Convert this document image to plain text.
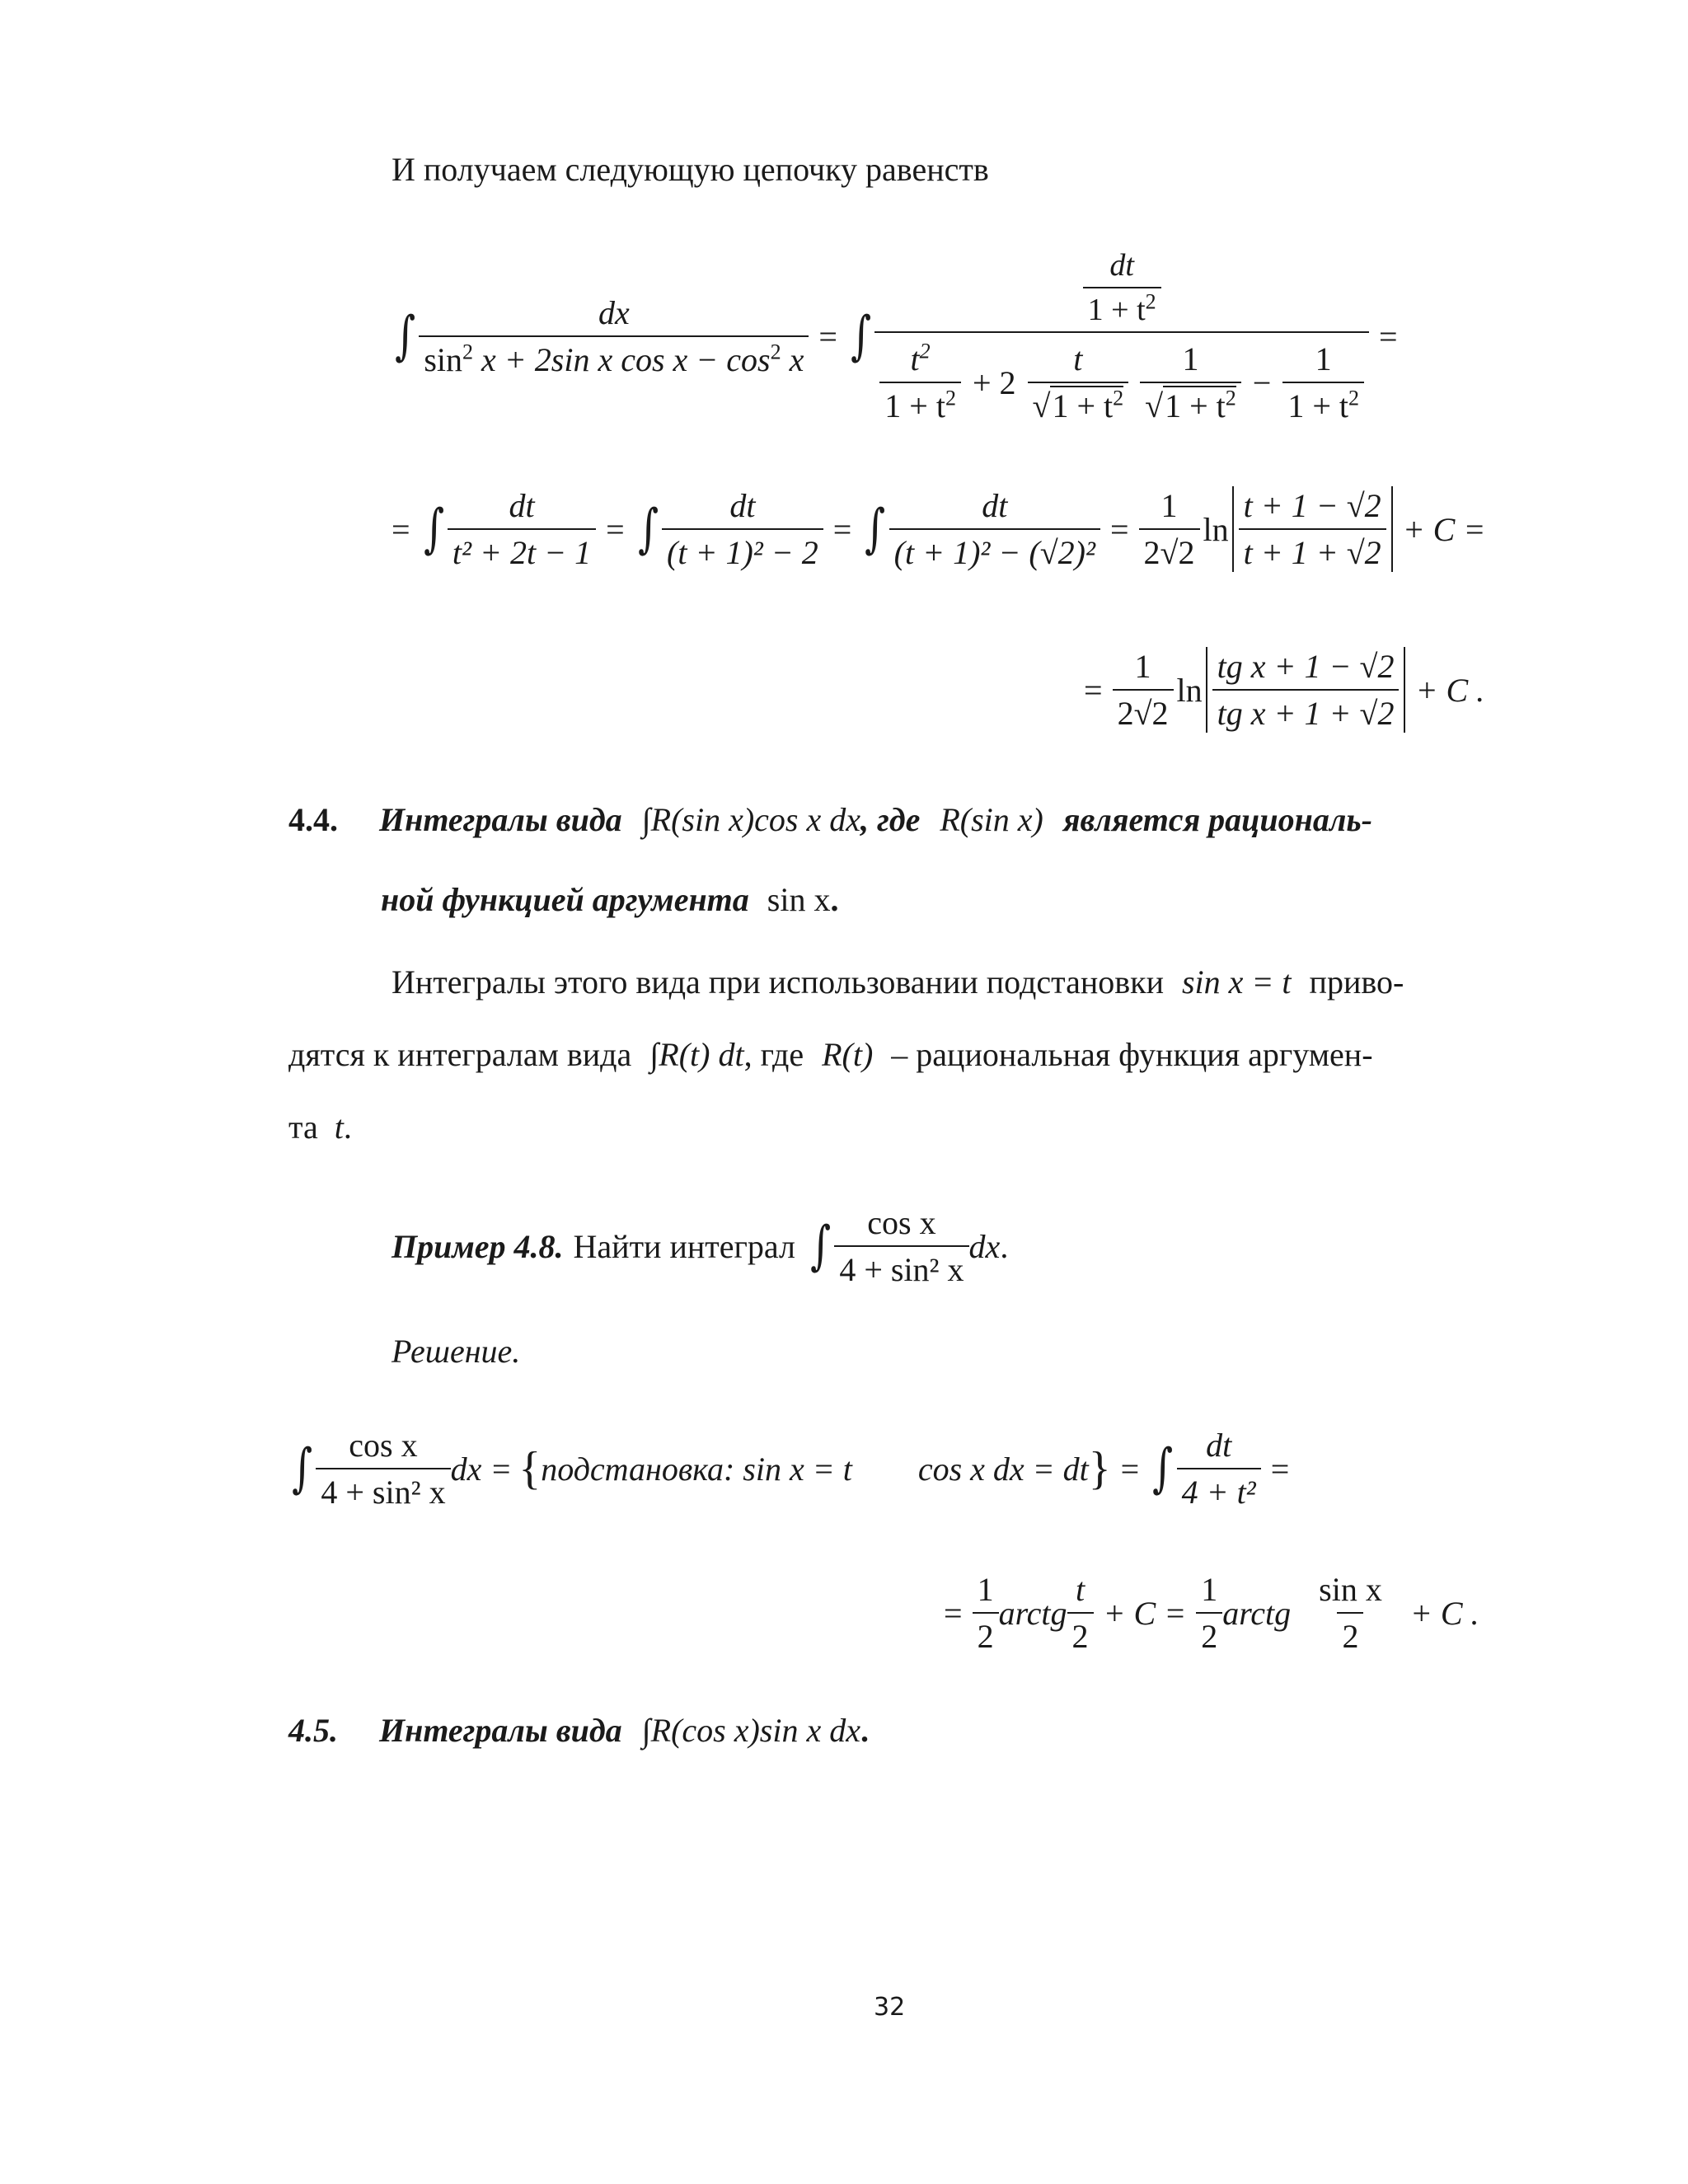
И получаем следующую цепочку равенств
∫ $\frac{dx}{\sin^2 x + 2\sin x \cos x - \cos^2 x}$ = ∫
$\frac{dt}{1 + t^2}$
$\frac{t^2}{1 + t^2} + 2 \frac{t}{√1 + t^2} \frac{1}{√1 + t^2} - \frac{1}{1 + t^2}$
=
= ∫ $\frac{dt}{\text{t² + 2t − 1}}$ = ∫ $\frac{dt}{\text{(t + 1)² − 2}}$ = ∫ $\frac{dt}{\text{(t + 1)² − (√2)²}} = \frac{1}{2√2}$ $\ln \frac{t + 1 - √2}{t + 1 + √2} + C$ =
= $\frac{1}{2√2}$ $\ln \frac{\text{tg x + 1 − √2}}{\text{tg x + 1 + √2}} + C$ .
4.4. Интегралы вида ∫R(sin x)cos x dx, где R(sin x) является рациональ-
ной функцией аргумента sin x.
Интегралы этого вида при использовании подстановки sin x = t приво-
дятся к интегралам вида ∫R(t) dt, где R(t) – рациональная функция аргумен-
та t.
Пример 4.8. Найти интеграл ∫ $\frac{\text{cos x}}{\text{4 + sin² x}}$ dx .
Решение.
∫ $\frac{\text{cos x}}{\text{4 + sin² x}}$ dx = { подстановка : sin x = t cos x dx = dt } = ∫ $\frac{dt}{\text{4 + t²}}$ =
= $\frac{1}{2}$ arctg $\frac{t}{2} + C = \frac{1}{2}$ arctg $\frac{\text{sin x}}{2} + C$ .
4.5. Интегралы вида ∫R(cos x)sin x dx.
32
